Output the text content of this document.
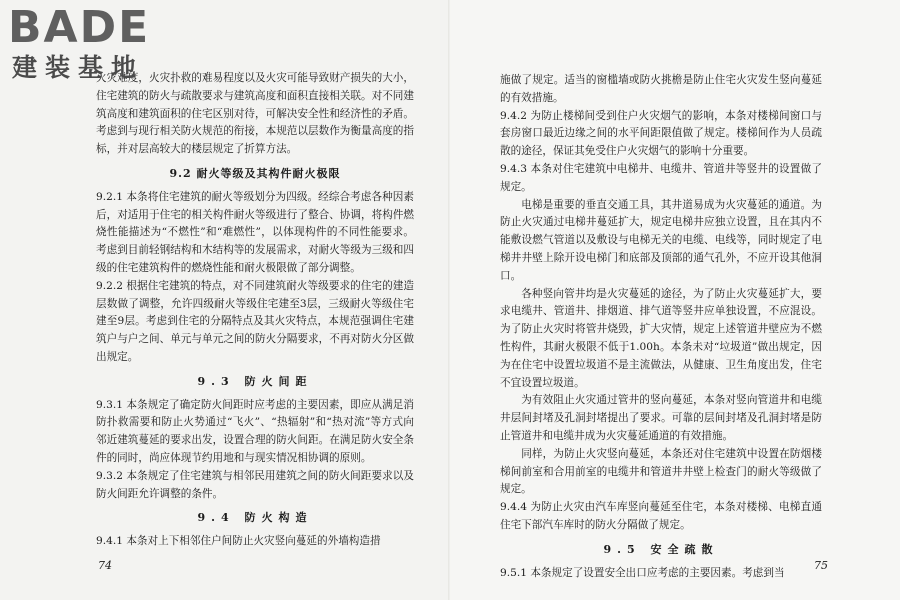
BADE
建装基地

火灾难度，火灾扑救的难易程度以及火灾可能导致财产损失的大小，住宅建筑的防火与疏散要求与建筑高度和面积直接相关联。对不同建筑高度和建筑面积的住宅区别对待，可解决安全性和经济性的矛盾。考虑到与现行相关防火规范的衔接，本规范以层数作为衡量高度的指标，并对层高较大的楼层规定了折算方法。

9.2 耐火等级及其构件耐火极限

9.2.1 本条将住宅建筑的耐火等级划分为四级。经综合考虑各种因素后，对适用于住宅的相关构件耐火等级进行了整合、协调，将构件燃烧性能描述为“不燃性”和“难燃性”，以体现构件的不同性能要求。考虑到目前轻钢结构和木结构等的发展需求，对耐火等级为三级和四级的住宅建筑构件的燃烧性能和耐火极限做了部分调整。

9.2.2 根据住宅建筑的特点，对不同建筑耐火等级要求的住宅的建造层数做了调整，允许四级耐火等级住宅建至3层，三级耐火等级住宅建至9层。考虑到住宅的分隔特点及其火灾特点，本规范强调住宅建筑户与户之间、单元与单元之间的防火分隔要求，不再对防火分区做出规定。

9.3 防火间距

9.3.1 本条规定了确定防火间距时应考虑的主要因素，即应从满足消防扑救需要和防止火势通过“飞火”、“热辐射”和“热对流”等方式向邻近建筑蔓延的要求出发，设置合理的防火间距。在满足防火安全条件的同时，尚应体现节约用地和与现实情况相协调的原则。

9.3.2 本条规定了住宅建筑与相邻民用建筑之间的防火间距要求以及防火间距允许调整的条件。

9.4 防火构造

9.4.1 本条对上下相邻住户间防止火灾竖向蔓延的外墙构造措

74

施做了规定。适当的窗槛墙或防火挑檐是防止住宅火灾发生竖向蔓延的有效措施。

9.4.2 为防止楼梯间受到住户火灾烟气的影响，本条对楼梯间窗口与套房窗口最近边缘之间的水平间距限值做了规定。楼梯间作为人员疏散的途径，保证其免受住户火灾烟气的影响十分重要。

9.4.3 本条对住宅建筑中电梯井、电缆井、管道井等竖井的设置做了规定。

电梯是重要的垂直交通工具，其井道易成为火灾蔓延的通道。为防止火灾通过电梯井蔓延扩大，规定电梯井应独立设置，且在其内不能敷设燃气管道以及敷设与电梯无关的电缆、电线等，同时规定了电梯井井壁上除开设电梯门和底部及顶部的通气孔外，不应开设其他洞口。

各种竖向管井均是火灾蔓延的途径，为了防止火灾蔓延扩大，要求电缆井、管道井、排烟道、排气道等竖井应单独设置，不应混设。为了防止火灾时将管井烧毁，扩大灾情，规定上述管道井壁应为不燃性构件，其耐火极限不低于1.00h。本条未对“垃圾道”做出规定，因为在住宅中设置垃圾道不是主流做法，从健康、卫生角度出发，住宅不宜设置垃圾道。

为有效阻止火灾通过管井的竖向蔓延，本条对竖向管道井和电缆井层间封堵及孔洞封堵提出了要求。可靠的层间封堵及孔洞封堵是防止管道井和电缆井成为火灾蔓延通道的有效措施。

同样，为防止火灾竖向蔓延，本条还对住宅建筑中设置在防烟楼梯间前室和合用前室的电缆井和管道井井壁上检查门的耐火等级做了规定。

9.4.4 为防止火灾由汽车库竖向蔓延至住宅，本条对楼梯、电梯直通住宅下部汽车库时的防火分隔做了规定。

9.5 安全疏散

9.5.1 本条规定了设置安全出口应考虑的主要因素。考虑到当

75
